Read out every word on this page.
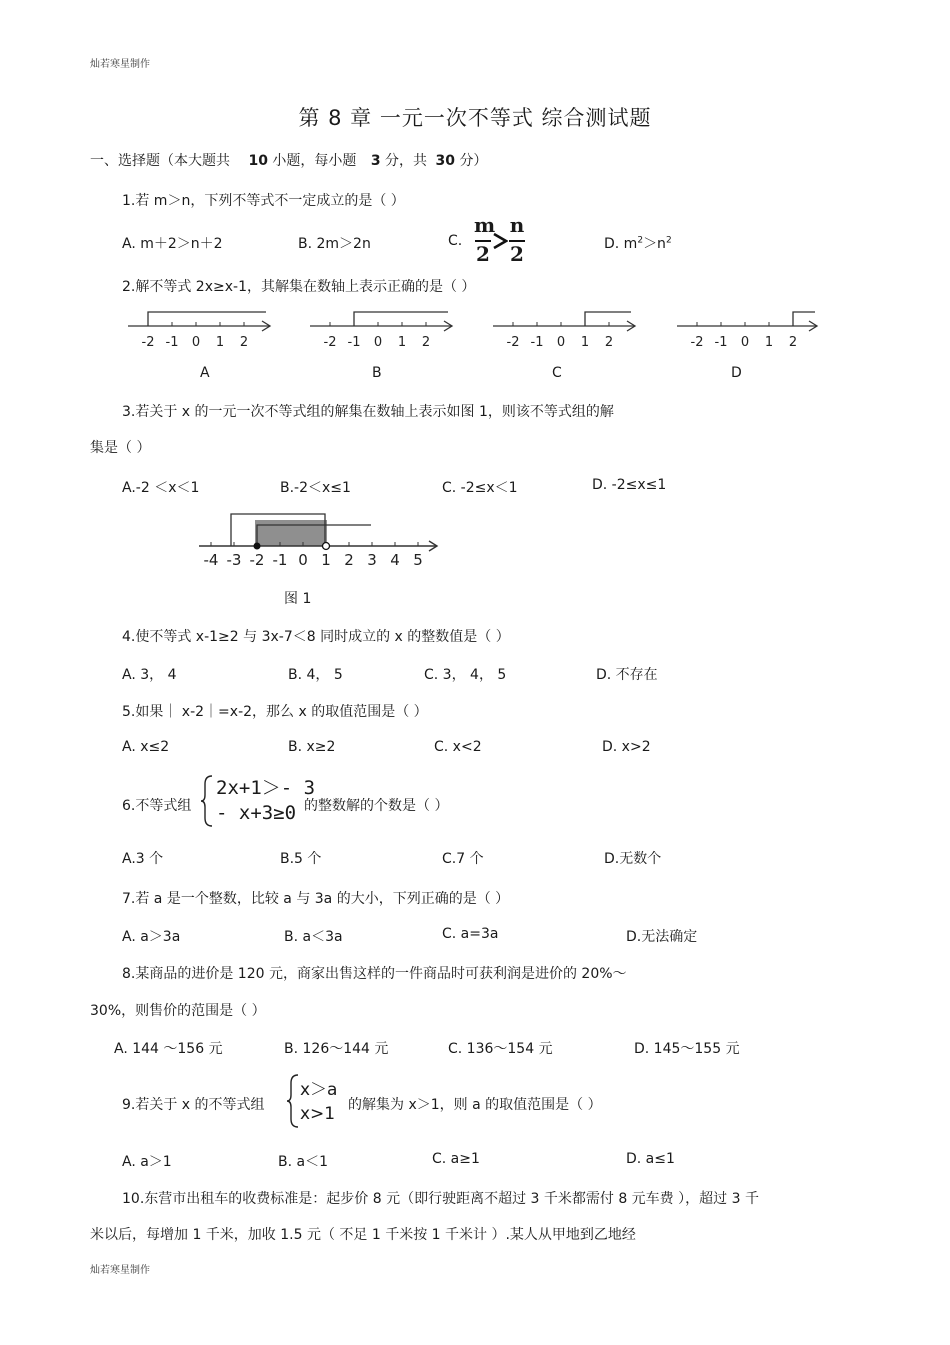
灿若寒星制作
灿若寒星制作
第 8 章 一元一次不等式 综合测试题
一、选择题（本大题共 10 小题，每小题 3 分，共 30 分）
1.若 m＞n，下列不等式不一定成立的是（ ）
A. m＋2＞n＋2	B. 2m＞2n	C.
m
2
n
2	D. $m^2>n^2$
2.解不等式 2x≥x-1，其解集在数轴上表示正确的是（ ）
-2 -1 0 1 2	-2 -1 0 1 2	-2 -1 0 1 2	-2 -1 0 1 2
A	B	C	D
3.若关于 x 的一元一次不等式组的解集在数轴上表示如图 1，则该不等式组的解
集是（ ）
A.-2 ＜x＜1	B.-2＜x≤1	C. -2≤x＜1	D. -2≤x≤1
-4 -3 -2 -1 0 1 2 3 4 5
图 1
4.使不等式 x-1≥2 与 3x-7＜8 同时成立的 x 的整数值是（ ）
A. 3， 4	B. 4， 5	C. 3， 4， 5	D. 不存在
5.如果｜ x-2｜=x-2，那么 x 的取值范围是（ ）
A. x≤2	B. x≥2	C. x<2	D. x>2
6.不等式组
2x+1＞- 3
- x+3≥0 的整数解的个数是（ ）
A.3 个	B.5 个	C.7 个	D.无数个
7.若 a 是一个整数，比较 a 与 3a 的大小，下列正确的是（ ）
A. a＞3a	B. a＜3a	C. a=3a	D.无法确定
8.某商品的进价是 120 元，商家出售这样的一件商品时可获利润是进价的 20%～
30%，则售价的范围是（ ）
A. 144 ～156 元	B. 126～144 元	C. 136～154 元	D. 145～155 元
9.若关于 x 的不等式组
x＞a
x>1 的解集为 x＞1，则 a 的取值范围是（ ）
A. a＞1	B. a＜1	C. a≥1	D. a≤1
10.东营市出租车的收费标准是：起步价 8 元（即行驶距离不超过 3 千米都需付 8 元车费 ），超过 3 千
米以后，每增加 1 千米，加收 1.5 元（ 不足 1 千米按 1 千米计 ）.某人从甲地到乙地经
